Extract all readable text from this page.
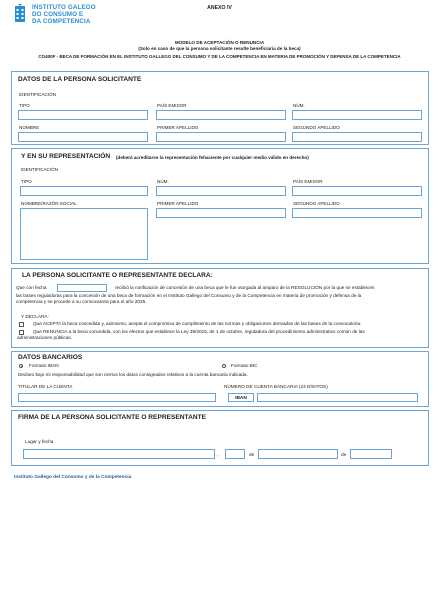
INSTITUTO GALEGO
DO CONSUMO E
DA COMPETENCIA
ANEXO IV
MODELO DE ACEPTACIÓN O RENUNCIA
(Solo en caso de que la persona solicitante resulte beneficiaria de la beca)
CO400F - BECA DE FORMACIÓN EN EL INSTITUTO GALLEGO DEL CONSUMO Y DE LA COMPETENCIA EN MATERIA DE PROMOCIÓN Y DEFENSA DE LA COMPETENCIA
DATOS DE LA PERSONA SOLICITANTE
IDENTIFICACIÓN
TIPO	PAÍS EMISOR	NÚM.
NOMBRE	PRIMER APELLIDO	SEGUNDO APELLIDO
Y EN SU REPRESENTACIÓN (deberá acreditarse la representación fehaciente por cualquier medio válido en derecho)
IDENTIFICACIÓN
TIPO	NÚM.	PAÍS EMISOR
NOMBRE/RAZÓN SOCIAL	PRIMER APELLIDO	SEGUNDO APELLIDO
LA PERSONA SOLICITANTE O REPRESENTANTE DECLARA:
Que con fecha	recibió la notificación de concesión de una beca que le fue otorgada al amparo de la RESOLUCIÓN por la que se establecen
las bases reguladoras para la concesión de una beca de formación en el Instituto Gallego del Consumo y de la Competencia en materia de promoción y defensa de la
competencia y se procede a su convocatoria para el año 2025.
Y DECLARA:
Que ACEPTA la beca concedida y, asimismo, acepta el compromiso de cumplimiento de las normas y obligaciones derivadas de las bases de la convocatoria.
Que RENUNCIA a la beca concedida, con los efectos que establece la Ley 39/2015, de 1 de octubre, reguladora del procedimiento administrativo común de las
administraciones públicas.
DATOS BANCARIOS
Formato IBAN	Formato BIC
Declaro bajo mi responsabilidad que son ciertos los datos consignados relativos a la cuenta bancaria indicada.
TITULAR DE LA CUENTA	NÚMERO DE CUENTA BANCARIA (24 DÍGITOS)
IBAN
FIRMA DE LA PERSONA SOLICITANTE O REPRESENTANTE
Lugar y fecha
,	de	de
Instituto Gallego del Consumo y de la Competencia
